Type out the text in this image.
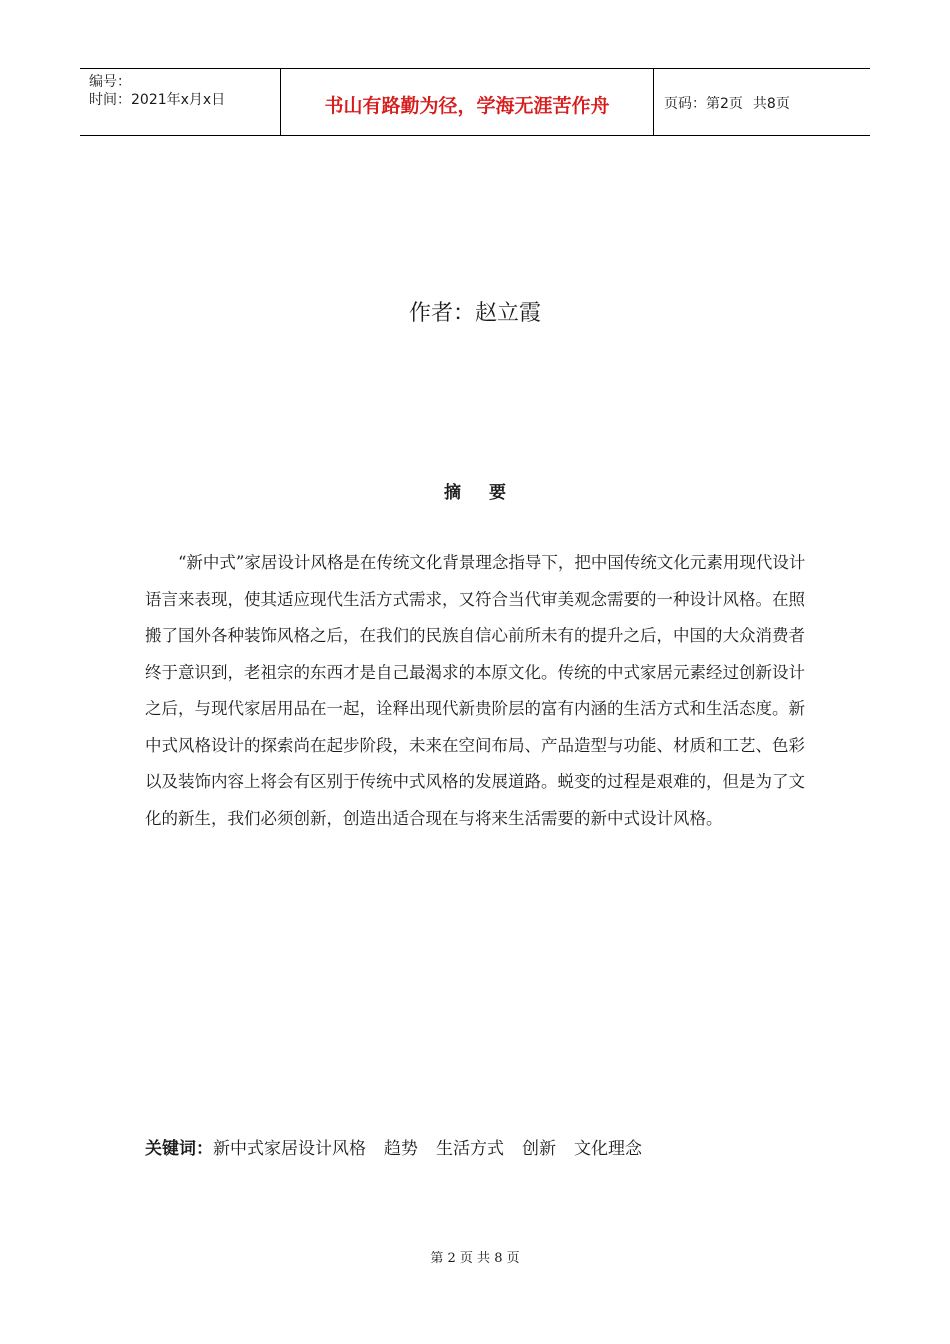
编号：
时间：2021年x月x日	书山有路勤为径，学海无涯苦作舟	页码：第2页 共8页
作者：赵立霞
摘要

“新中式”家居设计风格是在传统文化背景理念指导下，把中国传统文化元素用现代设计语言来表现，使其适应现代生活方式需求，又符合当代审美观念需要的一种设计风格。在照搬了国外各种装饰风格之后，在我们的民族自信心前所未有的提升之后，中国的大众消费者终于意识到，老祖宗的东西才是自己最渴求的本原文化。传统的中式家居元素经过创新设计之后，与现代家居用品在一起，诠释出现代新贵阶层的富有内涵的生活方式和生活态度。新中式风格设计的探索尚在起步阶段，未来在空间布局、产品造型与功能、材质和工艺、色彩以及装饰内容上将会有区别于传统中式风格的发展道路。蜕变的过程是艰难的，但是为了文化的新生，我们必须创新，创造出适合现在与将来生活需要的新中式设计风格。

关键词：新中式家居设计风格 趋势 生活方式 创新 文化理念
第 2 页 共 8 页
